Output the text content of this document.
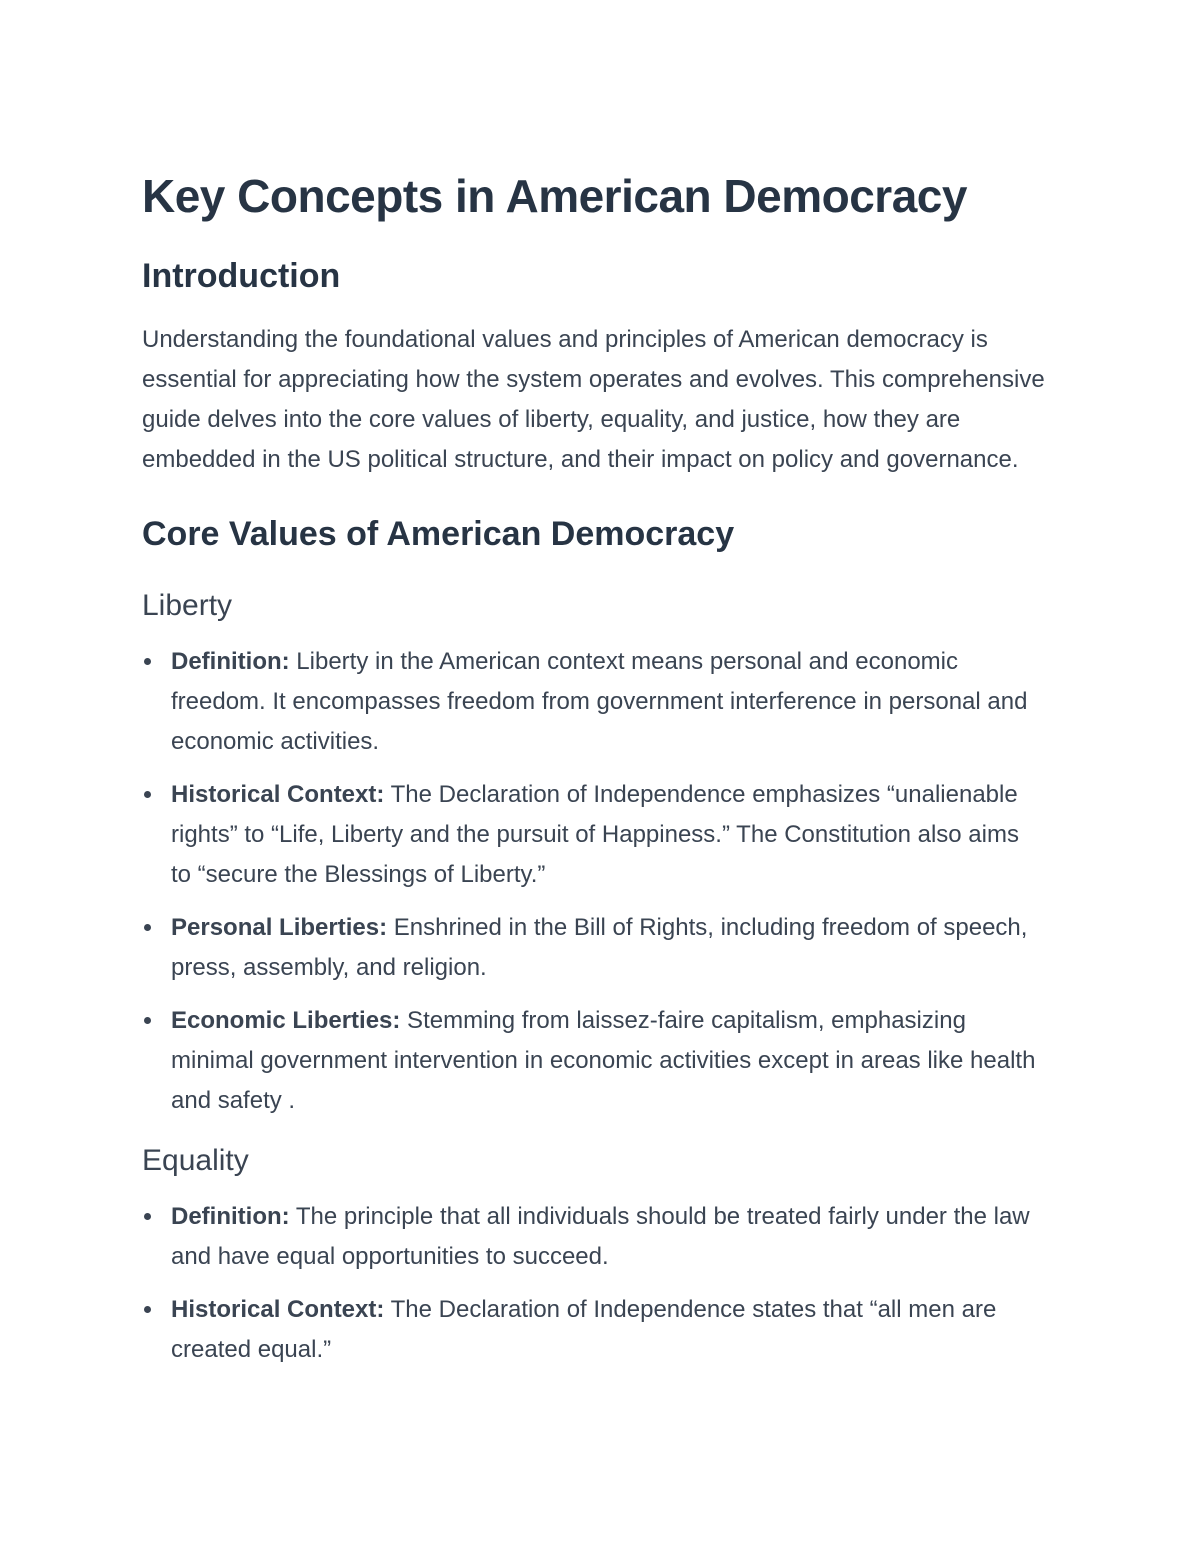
Key Concepts in American Democracy
Introduction

Understanding the foundational values and principles of American democracy is essential for appreciating how the system operates and evolves. This comprehensive guide delves into the core values of liberty, equality, and justice, how they are embedded in the US political structure, and their impact on policy and governance.

Core Values of American Democracy
Liberty
Definition: Liberty in the American context means personal and economic freedom. It encompasses freedom from government interference in personal and economic activities.
Historical Context: The Declaration of Independence emphasizes “unalienable rights” to “Life, Liberty and the pursuit of Happiness.” The Constitution also aims to “secure the Blessings of Liberty.”
Personal Liberties: Enshrined in the Bill of Rights, including freedom of speech, press, assembly, and religion.
Economic Liberties: Stemming from laissez-faire capitalism, emphasizing minimal government intervention in economic activities except in areas like health and safety .
Equality
Definition: The principle that all individuals should be treated fairly under the law and have equal opportunities to succeed.
Historical Context: The Declaration of Independence states that “all men are created equal.”
